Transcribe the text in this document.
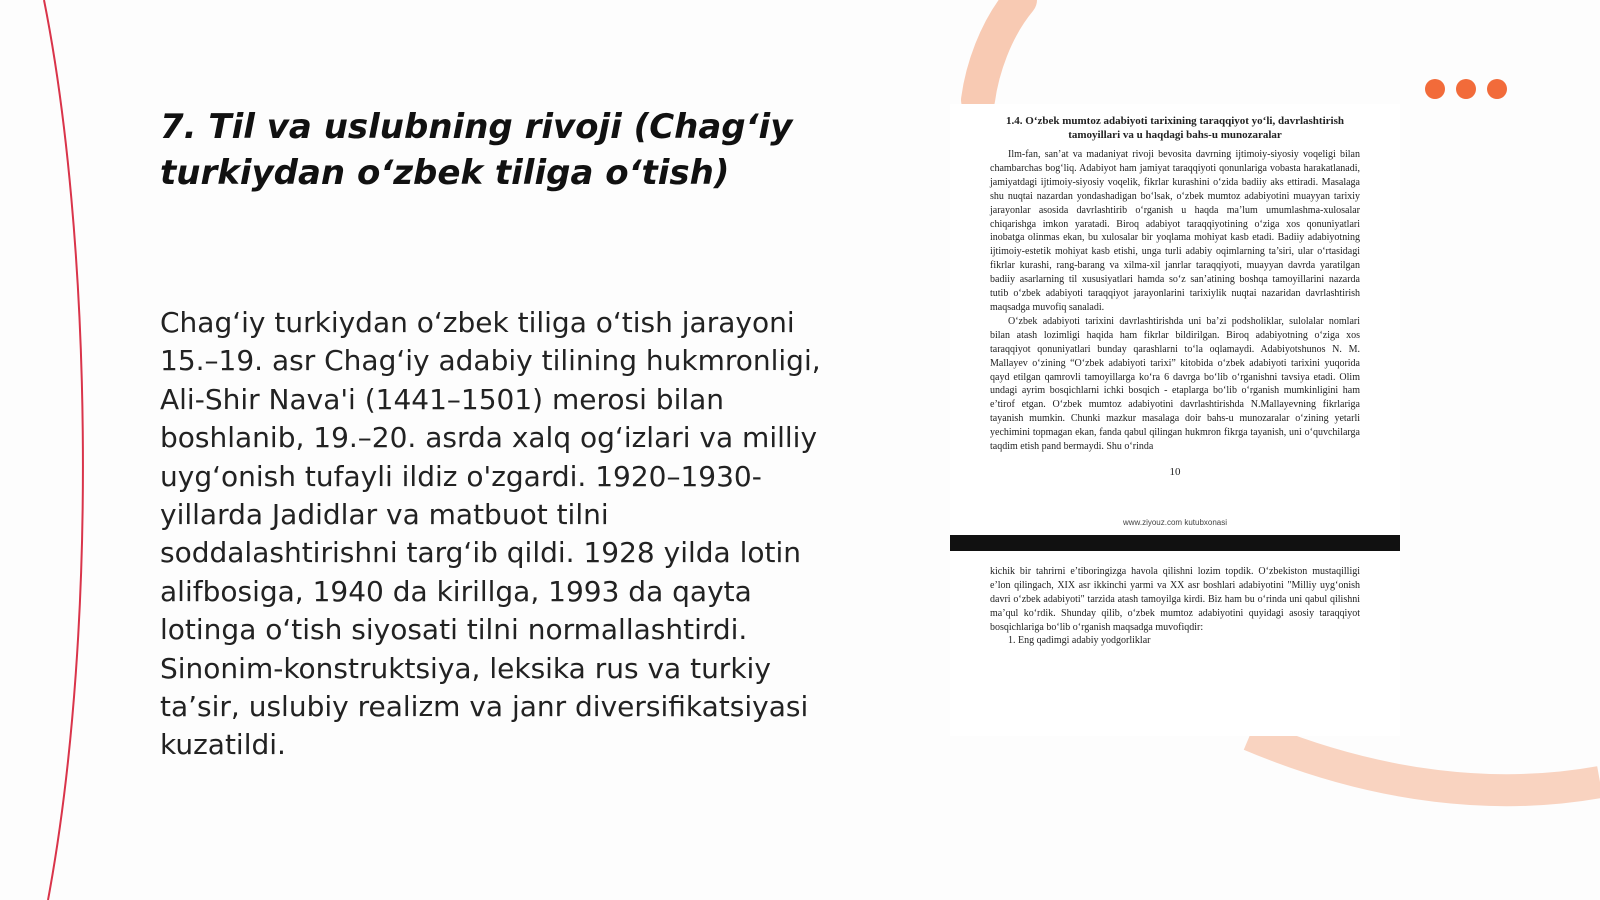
7. Til va uslubning rivoji (Chag‘iy turkiydan o‘zbek tiliga o‘tish)

Chag‘iy turkiydan o‘zbek tiliga o‘tish jarayoni 15.–19. asr Chag‘iy adabiy tilining hukmronligi, Ali-Shir Nava'i (1441–1501) merosi bilan boshlanib, 19.–20. asrda xalq og‘izlari va milliy uyg‘onish tufayli ildiz o'zgardi. 1920–1930-yillarda Jadidlar va matbuot tilni soddalashtirishni targ‘ib qildi. 1928 yilda lotin alifbosiga, 1940 da kirillga, 1993 da qayta lotinga o‘tish siyosati tilni normallashtirdi. Sinonim-konstruktsiya, leksika rus va turkiy ta’sir, uslubiy realizm va janr diversifikatsiyasi kuzatildi.

1.4. O‘zbek mumtoz adabiyoti tarixining taraqqiyot yo‘li, davrlashtirish tamoyillari va u haqdagi bahs-u munozaralar

Ilm-fan, san’at va madaniyat rivoji bevosita davrning ijtimoiy-siyosiy voqeligi bilan chambarchas bog‘liq. Adabiyot ham jamiyat taraqqiyoti qonunlariga vobasta harakatlanadi, jamiyatdagi ijtimoiy-siyosiy voqelik, fikrlar kurashini o‘zida badiiy aks ettiradi. Masalaga shu nuqtai nazardan yondashadigan bo‘lsak, o‘zbek mumtoz adabiyotini muayyan tarixiy jarayonlar asosida davrlashtirib o‘rganish u haqda ma’lum umumlashma-xulosalar chiqarishga imkon yaratadi. Biroq adabiyot taraqqiyotining o‘ziga xos qonuniyatlari inobatga olinmas ekan, bu xulosalar bir yoqlama mohiyat kasb etadi. Badiiy adabiyotning ijtimoiy-estetik mohiyat kasb etishi, unga turli adabiy oqimlarning ta’siri, ular o‘rtasidagi fikrlar kurashi, rang-barang va xilma-xil janrlar taraqqiyoti, muayyan davrda yaratilgan badiiy asarlarning til xususiyatlari hamda so‘z san’atining boshqa tamoyillarini nazarda tutib o‘zbek adabiyoti taraqqiyot jarayonlarini tarixiylik nuqtai nazaridan davrlashtirish maqsadga muvofiq sanaladi.

O‘zbek adabiyoti tarixini davrlashtirishda uni ba’zi podsholiklar, sulolalar nomlari bilan atash lozimligi haqida ham fikrlar bildirilgan. Biroq adabiyotning o‘ziga xos taraqqiyot qonuniyatlari bunday qarashlarni to‘la oqlamaydi. Adabiyotshunos N. M. Mallayev o‘zining “O‘zbek adabiyoti tarixi” kitobida o‘zbek adabiyoti tarixini yuqorida qayd etilgan qamrovli tamoyillarga ko‘ra 6 davrga bo‘lib o‘rganishni tavsiya etadi. Olim undagi ayrim bosqichlarni ichki bosqich - etaplarga bo‘lib o‘rganish mumkinligini ham e’tirof etgan. O‘zbek mumtoz adabiyotini davrlashtirishda N.Mallayevning fikrlariga tayanish mumkin. Chunki mazkur masalaga doir bahs-u munozaralar o‘zining yetarli yechimini topmagan ekan, fanda qabul qilingan hukmron fikrga tayanish, uni o‘quvchilarga taqdim etish pand bermaydi. Shu o‘rinda

10
www.ziyouz.com kutubxonasi

kichik bir tahrirni e’tiboringizga havola qilishni lozim topdik. O‘zbekiston mustaqilligi e’lon qilingach, XIX asr ikkinchi yarmi va XX asr boshlari adabiyotini "Milliy uyg‘onish davri o‘zbek adabiyoti" tarzida atash tamoyilga kirdi. Biz ham bu o‘rinda uni qabul qilishni ma’qul ko‘rdik. Shunday qilib, o‘zbek mumtoz adabiyotini quyidagi asosiy taraqqiyot bosqichlariga bo‘lib o‘rganish maqsadga muvofiqdir:

1. Eng qadimgi adabiy yodgorliklar
